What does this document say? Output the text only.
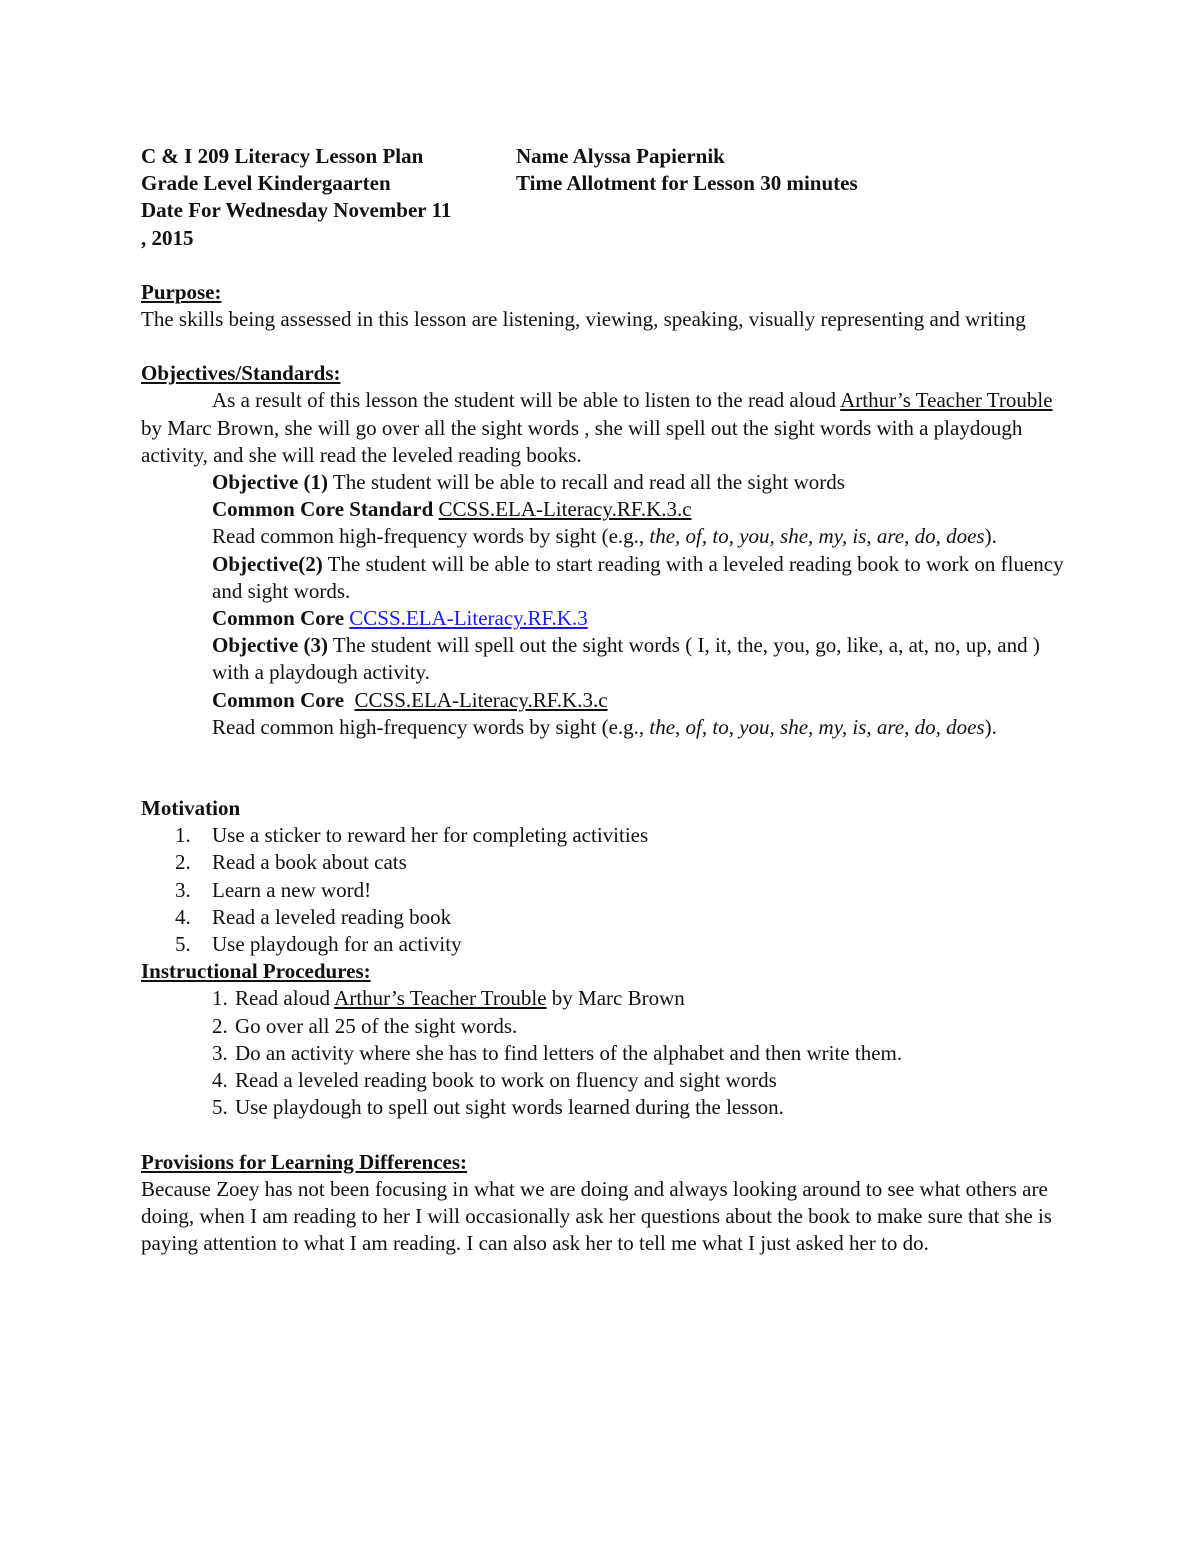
C & I 209 Literacy Lesson Plan

Grade Level Kindergaarten

Date For Wednesday November 11

, 2015

Name Alyssa Papiernik

Time Allotment for Lesson 30 minutes

Purpose:

The skills being assessed in this lesson are listening, viewing, speaking, visually representing and writing

Objectives/Standards:

As a result of this lesson the student will be able to listen to the read aloud Arthur’s Teacher Trouble by Marc Brown, she will go over all the sight words , she will spell out the sight words with a playdough activity, and she will read the leveled reading books.

Objective (1) The student will be able to recall and read all the sight words

Common Core Standard CCSS.ELA-Literacy.RF.K.3.c

Read common high-frequency words by sight (e.g., the, of, to, you, she, my, is, are, do, does).

Objective(2) The student will be able to start reading with a leveled reading book to work on fluency and sight words.

Common Core CCSS.ELA-Literacy.RF.K.3

Objective (3) The student will spell out the sight words ( I, it, the, you, go, like, a, at, no, up, and ) with a playdough activity.

Common Core CCSS.ELA-Literacy.RF.K.3.c

Read common high-frequency words by sight (e.g., the, of, to, you, she, my, is, are, do, does).

Motivation

1.	Use a sticker to reward her for completing activities
2.	Read a book about cats
3.	Learn a new word!
4.	Read a leveled reading book
5.	Use playdough for an activity

Instructional Procedures:

1. Read aloud Arthur’s Teacher Trouble by Marc Brown
2. Go over all 25 of the sight words.
3. Do an activity where she has to find letters of the alphabet and then write them.
4. Read a leveled reading book to work on fluency and sight words
5. Use playdough to spell out sight words learned during the lesson.

Provisions for Learning Differences:

Because Zoey has not been focusing in what we are doing and always looking around to see what others are doing, when I am reading to her I will occasionally ask her questions about the book to make sure that she is paying attention to what I am reading. I can also ask her to tell me what I just asked her to do.
